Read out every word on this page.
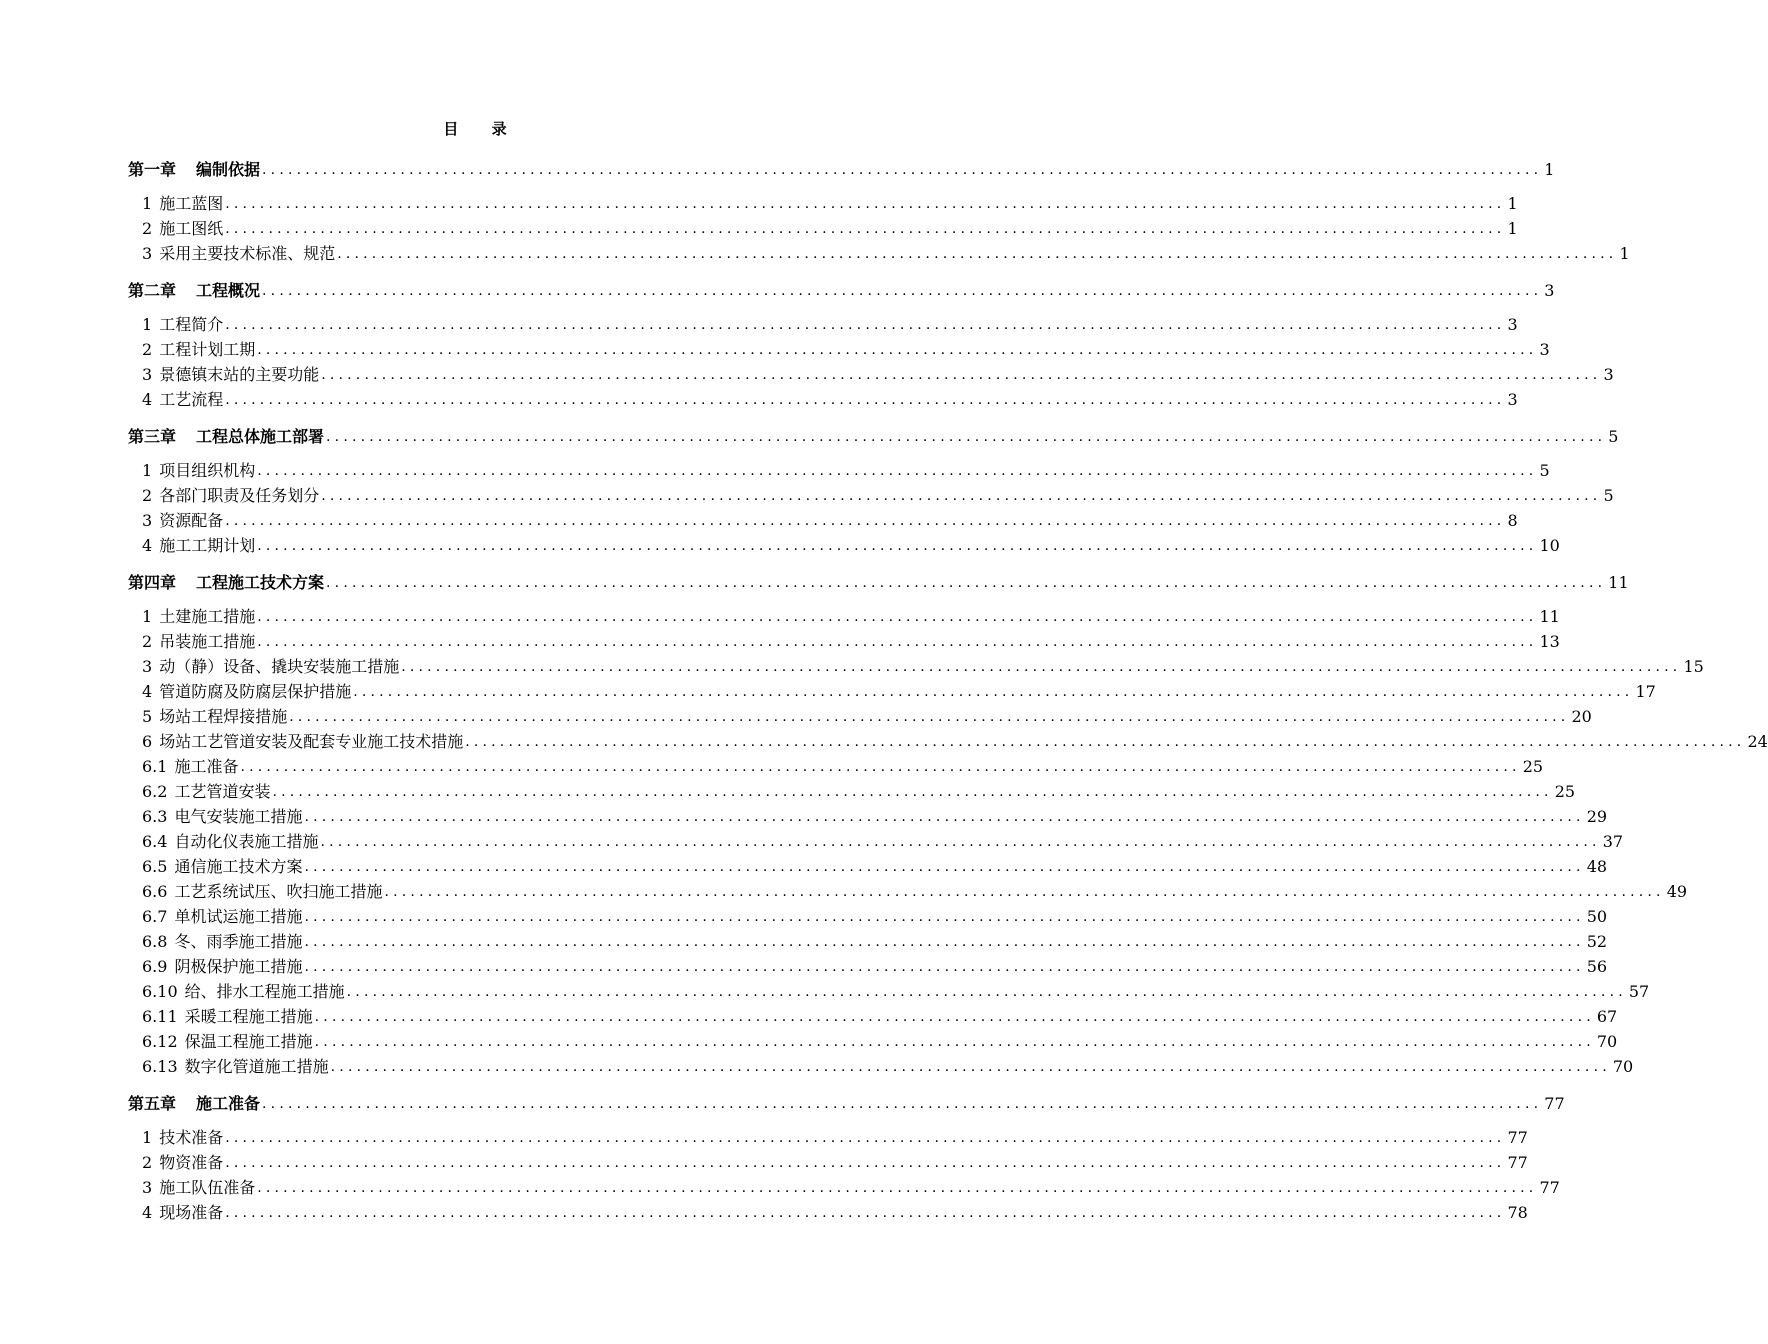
目 录
第一章 编制依据 .................................................................................................................................................... 1
1 施工蓝图 .................................................................................................................................................... 1
2 施工图纸 .................................................................................................................................................... 1
3 采用主要技术标准、规范 .................................................................................................................................................... 1
第二章 工程概况 .................................................................................................................................................... 3
1 工程简介 .................................................................................................................................................... 3
2 工程计划工期 .................................................................................................................................................... 3
3 景德镇末站的主要功能 .................................................................................................................................................... 3
4 工艺流程 .................................................................................................................................................... 3
第三章 工程总体施工部署 .................................................................................................................................................... 5
1 项目组织机构 .................................................................................................................................................... 5
2 各部门职责及任务划分 .................................................................................................................................................... 5
3 资源配备 .................................................................................................................................................... 8
4 施工工期计划 .................................................................................................................................................... 10
第四章 工程施工技术方案 .................................................................................................................................................... 11
1 土建施工措施 .................................................................................................................................................... 11
2 吊装施工措施 .................................................................................................................................................... 13
3 动（静）设备、撬块安装施工措施 .................................................................................................................................................... 15
4 管道防腐及防腐层保护措施 .................................................................................................................................................... 17
5 场站工程焊接措施 .................................................................................................................................................... 20
6 场站工艺管道安装及配套专业施工技术措施 .................................................................................................................................................... 24
6.1 施工准备 .................................................................................................................................................... 25
6.2 工艺管道安装 .................................................................................................................................................... 25
6.3 电气安装施工措施 .................................................................................................................................................... 29
6.4 自动化仪表施工措施 .................................................................................................................................................... 37
6.5 通信施工技术方案 .................................................................................................................................................... 48
6.6 工艺系统试压、吹扫施工措施 .................................................................................................................................................... 49
6.7 单机试运施工措施 .................................................................................................................................................... 50
6.8 冬、雨季施工措施 .................................................................................................................................................... 52
6.9 阴极保护施工措施 .................................................................................................................................................... 56
6.10 给、排水工程施工措施 .................................................................................................................................................... 57
6.11 采暖工程施工措施 .................................................................................................................................................... 67
6.12 保温工程施工措施 .................................................................................................................................................... 70
6.13 数字化管道施工措施 .................................................................................................................................................... 70
第五章 施工准备 .................................................................................................................................................... 77
1 技术准备 .................................................................................................................................................... 77
2 物资准备 .................................................................................................................................................... 77
3 施工队伍准备 .................................................................................................................................................... 77
4 现场准备 .................................................................................................................................................... 78
